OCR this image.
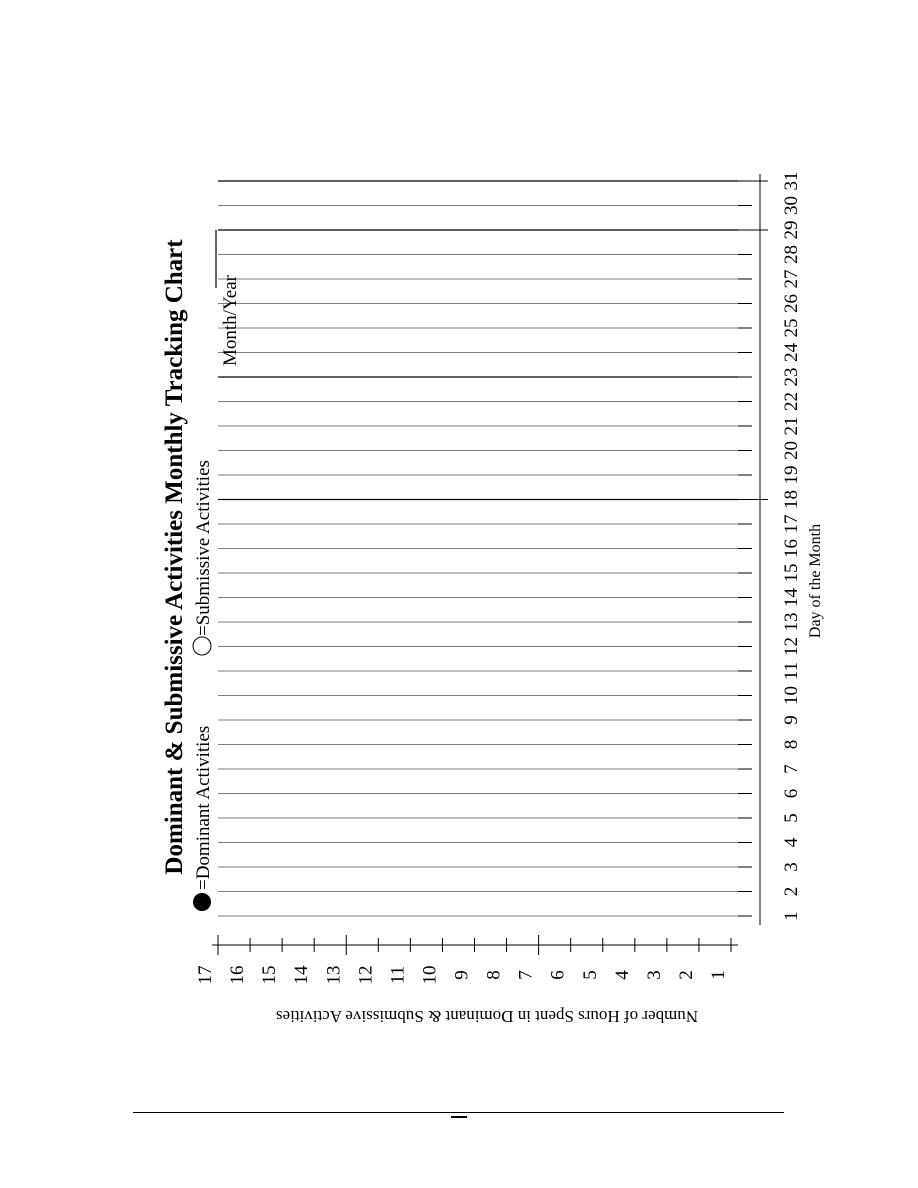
1
2
3
4
5
6
7
8
9
10
11
12
13
14
15
16
17
18
19
20
21
22
23
24
25
26
27
28
29
30
31
1
2
3
4
5
6
7
8
9
10
11
12
13
14
15
16
17
Dominant & Submissive Activities Monthly Tracking Chart =Dominant Activities
=Submissive Activities
Month/Year
Day of the Month
Number of Hours Spent in Dominant & Submissive Activities
